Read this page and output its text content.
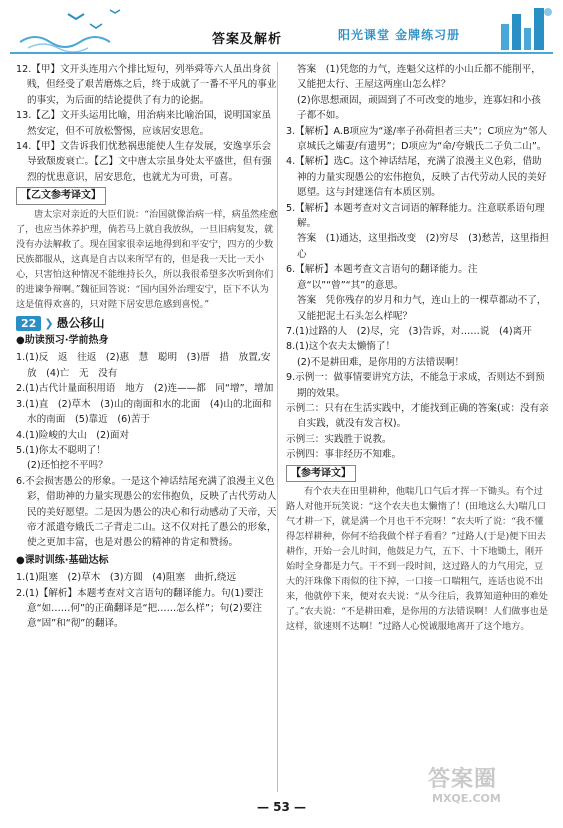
答案及解析	阳光课堂 金牌练习册

12.【甲】文开头连用六个排比短句，列举舜等六人虽出身贫贱，但经受了艰苦磨炼之后，终于成就了一番不平凡的事业的事实，为后面的结论提供了有力的论据。

13.【乙】文开头运用比喻，用治病来比喻治国，说明国家虽然安定，但不可放松警惕，应该居安思危。

14.【甲】文告诉我们忧愁祸患能使人生存发展，安逸享乐会导致颓废衰亡。【乙】文中唐太宗虽身处太平盛世，但有强烈的忧患意识，居安思危，也就尤为可贵，可喜。

【乙文参考译文】

唐太宗对亲近的大臣们说：“治国就像治病一样，病虽然痊愈了，也应当休养护理，倘若马上就自我放纵，一旦旧病复发，就没有办法解救了。现在国家很幸运地得到和平安宁，四方的少数民族都服从，这真是自古以来所罕有的，但是我一天比一天小心，只害怕这种情况不能维持长久，所以我很希望多次听到你们的进谏争辩啊。”魏征回答说：“国内国外治理安宁，臣下不认为这是值得欢喜的，只对陛下居安思危感到喜悦。”

22 ❯ 愚公移山
●助读预习·学前热身

1.(1)反　返　往返　(2)惠　慧　聪明　(3)厝　措　放置,安放　(4)亡　无　没有

2.(1)古代计量面积用语　地方　(2)连——都　同“增”，增加

3.(1)直　(2)草木　(3)山的南面和水的北面　(4)山的北面和水的南面　(5)靠近　(6)苦于

4.(1)险峻的大山　(2)面对

5.(1)你太不聪明了！

(2)还怕挖不平吗？

6.不会损害愚公的形象。一是这个神话结尾充满了浪漫主义色彩，借助神的力量实现愚公的宏伟抱负，反映了古代劳动人民的美好愿望。二是因为愚公的决心和行动感动了天帝，天帝才派遣夸娥氏二子背走二山。这不仅对托了愚公的形象，使之更加丰富，也是对愚公的精神的肯定和赞扬。

●课时训练·基础达标

1.(1)阻塞　(2)草木　(3)方圆　(4)阻塞　曲折,绕远

2.(1)【解析】本题考查对文言语句的翻译能力。句(1)要注意“如……何”的正确翻译是“把……怎么样”；句(2)要注意“固”和“彻”的翻译。

答案　(1)凭您的力气，连魁父这样的小山丘都不能削平，又能把太行、王屋这两座山怎么样？

(2)你思想顽固，顽固到了不可改变的地步，连寡妇和小孩子都不如。

3.【解析】A.B项应为“遂/率子孙荷担者三夫”；C项应为“邻人京城氏之孀妻/有遗男”；D项应为“命/夸娥氏二子负二山”。

4.【解析】选C。这个神话结尾，充满了浪漫主义色彩，借助神的力量实现愚公的宏伟抱负，反映了古代劳动人民的美好愿望。这与封建迷信有本质区别。

5.【解析】本题考查对文言词语的解释能力。注意联系语句理解。

答案　(1)通达，这里指改变　(2)穷尽　(3)愁苦，这里指担心

6.【解析】本题考查文言语句的翻译能力。注意“以”“曾”“其”的意思。

答案　凭你残存的岁月和力气，连山上的一棵草都动不了，又能把泥土石头怎么样呢？

7.(1)过路的人　(2)尽，完　(3)告诉，对……说　(4)离开

8.(1)这个农夫太懒惰了！

(2)不是耕田难，是你用的方法错误啊！

9.示例一：做事情要讲究方法，不能急于求成，否则达不到预期的效果。

示例二：只有在生活实践中，才能找到正确的答案(或：没有亲自实践，就没有发言权)。

示例三：实践胜于说教。

示例四：事非经历不知难。

【参考译文】

有个农夫在田里耕种，他喘几口气后才挥一下锄头。有个过路人对他开玩笑说：“这个农夫也太懒惰了！(田地这么大)喘几口气才耕一下，就是满一个月也干不完呀！”农夫听了说：“我不懂得怎样耕种，你何不给我做个样子看看？”过路人(于是)便下田去耕作，开始一会儿时间，他鼓足力气，五下、十下地锄土，刚开始时全身都是力气。干不到一段时间，这过路人的力气用完，豆大的汗珠像下雨似的往下掉，一口接一口喘粗气，连话也说不出来，他就停下来，便对农夫说：“从今往后，我算知道种田的难处了。”农夫说：“不是耕田难，是你用的方法错误啊！人们做事也是这样，欲速则不达啊！”过路人心悦诚服地离开了这个地方。

答案圈
MXQE.COM
— 53 —
